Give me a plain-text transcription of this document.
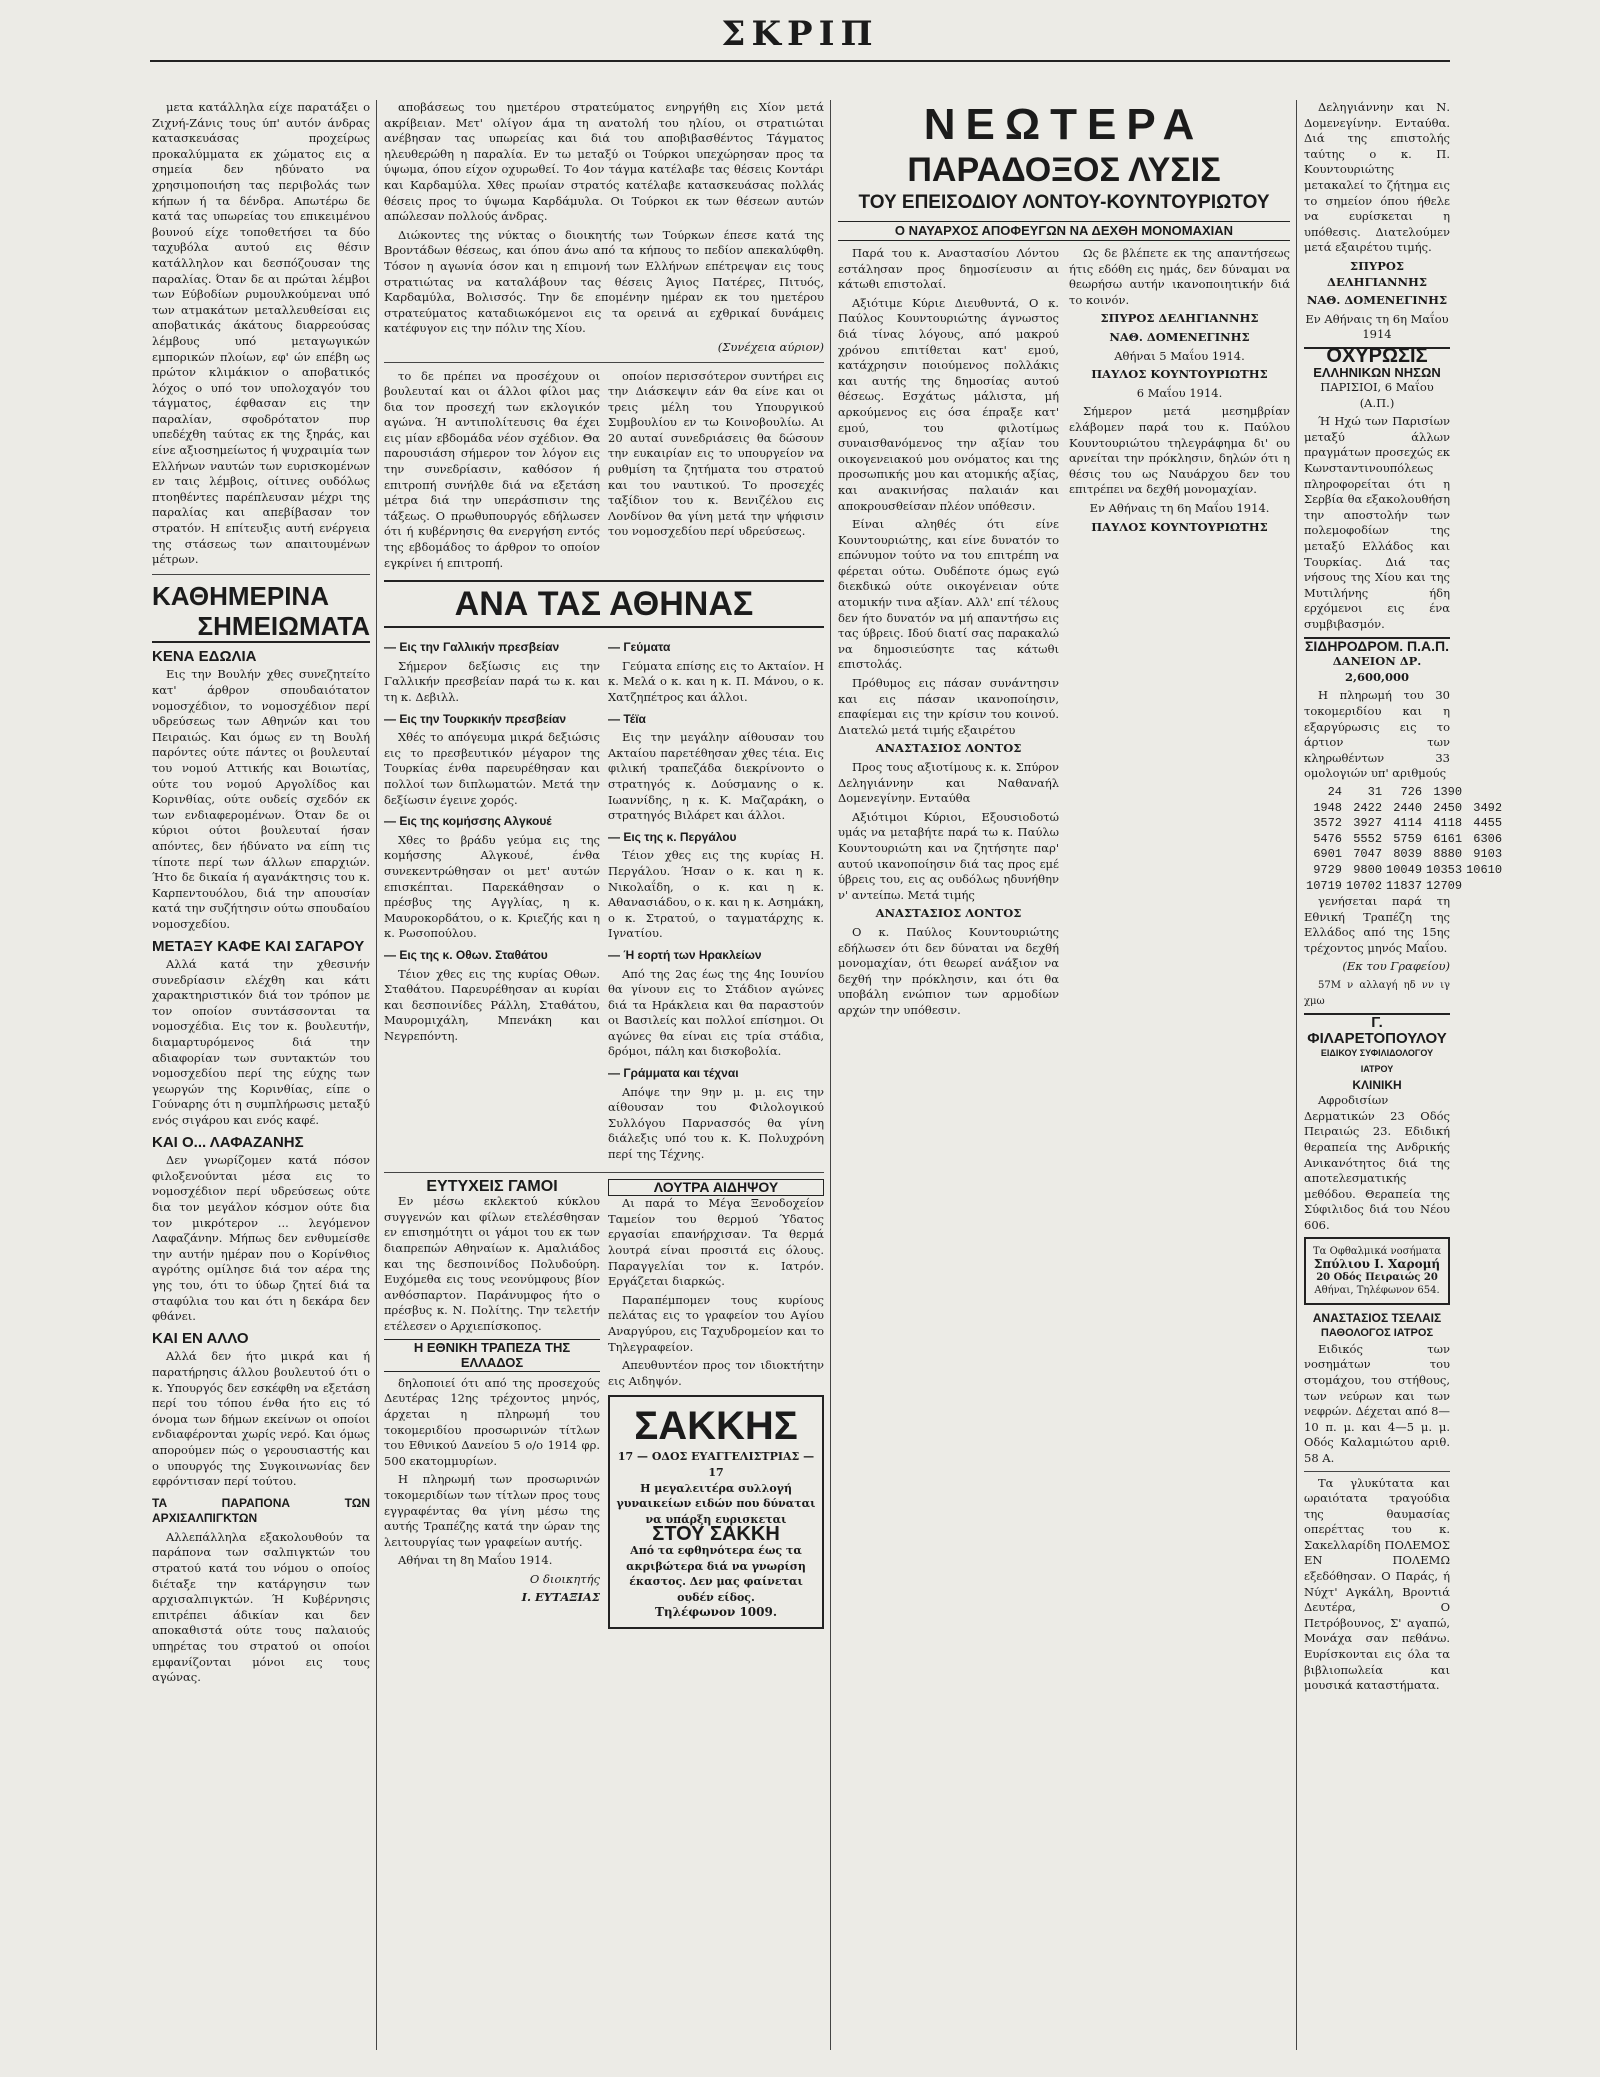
ΣΚΡΙΠ

μετα κατάλληλα είχε παρατάξει ο Ζιχνή-Ζάνις τους ύπ' αυτόν άνδρας κατασκευάσας προχείρως προκαλύμματα εκ χώματος εις α σημεία δεν ηδύνατο να χρησιμοποιήση τας περιβολάς των κήπων ή τα δένδρα. Απωτέρω δε κατά τας υπωρείας του επικειμένου βουνού είχε τοποθετήσει τα δύο ταχυβόλα αυτού εις θέσιν κατάλληλον και δεσπόζουσαν της παραλίας. Όταν δε αι πρώται λέμβοι των Εύβοδίων ρυμουλκούμεναι υπό των ατμακάτων μεταλλευθείσαι εις αποβατικάς άκάτους διαρρεούσας λέμβους υπό μεταγωγικών εμπορικών πλοίων, εφ' ών επέβη ως πρώτον κλιμάκιον ο αποβατικός λόχος ο υπό τον υπολοχαγόν του τάγματος, έφθασαν εις την παραλίαν, σφοδρότατον πυρ υπεδέχθη ταύτας εκ της ξηράς, και είνε αξιοσημείωτος ή ψυχραιμία των Ελλήνων ναυτών των ευρισκομένων εν ταις λέμβοις, οίτινες ουδόλως πτοηθέντες παρέπλευσαν μέχρι της παραλίας και απεβίβασαν τον στρατόν. Η επίτευξις αυτή ενέργεια της στάσεως των απαιτουμένων μέτρων.

ΚΑΘΗΜΕΡΙΝΑ
ΣΗΜΕΙΩΜΑΤΑ
ΚΕΝΑ ΕΔΩΛΙΑ

Εις την Βουλήν χθες συνεζητείτο κατ' άρθρον σπουδαιότατον νομοσχέδιον, το νομοσχέδιον περί υδρεύσεως των Αθηνών και του Πειραιώς. Και όμως εν τη Βουλή παρόντες ούτε πάντες οι βουλευταί του νομού Αττικής και Βοιωτίας, ούτε του νομού Αργολίδος και Κορινθίας, ούτε ουδείς σχεδόν εκ των ενδιαφερομένων. Όταν δε οι κύριοι ούτοι βουλευταί ήσαν απόντες, δεν ήδύνατο να είπη τις τίποτε περί των άλλων επαρχιών. Ήτο δε δικαία ή αγανάκτησις του κ. Καρπεντουόλου, διά την απουσίαν κατά την συζήτησιν ούτω σπουδαίου νομοσχεδίου.

ΜΕΤΑΞΥ ΚΑΦΕ ΚΑΙ ΣΑΓΑΡΟΥ

Αλλά κατά την χθεσινήν συνεδρίασιν ελέχθη και κάτι χαρακτηριστικόν διά τον τρόπον με τον οποίον συντάσσονται τα νομοσχέδια. Εις τον κ. βουλευτήν, διαμαρτυρόμενος διά την αδιαφορίαν των συντακτών του νομοσχεδίου περί της εύχης των γεωργών της Κορινθίας, είπε ο Γούναρης ότι η συμπλήρωσις μεταξύ ενός σιγάρου και ενός καφέ.

ΚΑΙ Ο... ΛΑΦΑΖΑΝΗΣ

Δεν γνωρίζομεν κατά πόσον φιλοξενούνται μέσα εις το νομοσχέδιον περί υδρεύσεως ούτε δια τον μεγάλον κόσμον ούτε δια τον μικρότερον ... λεγόμενον Λαφαζάνην. Μήπως δεν ενθυμείσθε την αυτήν ημέραν που ο Κορίνθιος αγρότης ομίλησε διά τον αέρα της γης του, ότι το ύδωρ ζητεί διά τα σταφύλια του και ότι η δεκάρα δεν φθάνει.

ΚΑΙ ΕΝ ΑΛΛΟ

Αλλά δεν ήτο μικρά και ή παρατήρησις άλλου βουλευτού ότι ο κ. Υπουργός δεν εσκέφθη να εξετάση περί του τόπου ένθα ήτο εις τό όνομα των δήμων εκείνων οι οποίοι ενδιαφέρονται χωρίς νερό. Και όμως απορούμεν πώς ο γερουσιαστής και ο υπουργός της Συγκοινωνίας δεν εφρόντισαν περί τούτου.

ΤΑ ΠΑΡΑΠΟΝΑ ΤΩΝ ΑΡΧΙΣΑΛΠΙΓΚΤΩΝ

Αλλεπάλληλα εξακολουθούν τα παράπονα των σαλπιγκτών του στρατού κατά του νόμου ο οποίος διέταξε την κατάργησιν των αρχισαλπιγκτών. Ή Κυβέρνησις επιτρέπει άδικίαν και δεν αποκαθιστά ούτε τους παλαιούς υπηρέτας του στρατού οι οποίοι εμφανίζονται μόνοι εις τους αγώνας.

αποβάσεως του ημετέρου στρατεύματος ενηργήθη εις Χίον μετά ακρίβειαν. Μετ' ολίγον άμα τη ανατολή του ηλίου, οι στρατιώται ανέβησαν τας υπωρείας και διά του αποβιβασθέντος Τάγματος ηλευθερώθη η παραλία. Εν τω μεταξύ οι Τούρκοι υπεχώρησαν προς τα ύψωμα, όπου είχον οχυρωθεί. Το 4ον τάγμα κατέλαβε τας θέσεις Κοντάρι και Καρδαμύλα. Χθες πρωίαν στρατός κατέλαβε κατασκευάσας πολλάς θέσεις προς το ύψωμα Καρδάμυλα. Οι Τούρκοι εκ των θέσεων αυτών απώλεσαν πολλούς άνδρας.

Διώκοντες της νύκτας ο διοικητής των Τούρκων έπεσε κατά της Βροντάδων θέσεως, και όπου άνω από τα κήπους το πεδίον απεκαλύφθη. Τόσον η αγωνία όσον και η επιμονή των Ελλήνων επέτρεψαν εις τους στρατιώτας να καταλάβουν τας θέσεις Άγιος Πατέρες, Πιτυός, Καρδαμύλα, Βολισσός. Την δε επομένην ημέραν εκ του ημετέρου στρατεύματος καταδιωκόμενοι εις τα ορεινά αι εχθρικαί δυνάμεις κατέφυγον εις την πόλιν της Χίου.

(Συνέχεια αύριον)

το δε πρέπει να προσέχουν οι βουλευταί και οι άλλοι φίλοι μας δια τον προσεχή των εκλογικόν αγώνα. Ή αντιπολίτευσις θα έχει εις μίαν εβδομάδα νέον σχέδιον. Θα παρουσιάση σήμερον τον λόγον εις την συνεδρίασιν, καθόσον ή επιτροπή συνήλθε διά να εξετάση μέτρα διά την υπεράσπισιν της τάξεως. Ο πρωθυπουργός εδήλωσεν ότι ή κυβέρνησις θα ενεργήση εντός της εβδομάδος το άρθρον το οποίον εγκρίνει ή επιτροπή.

οποίον περισσότερον συντήρει εις την Διάσκεψιν εάν θα είνε και οι τρεις μέλη του Υπουργικού Συμβουλίου εν τω Κοινοβουλίω. Αι 20 αυταί συνεδριάσεις θα δώσουν την ευκαιρίαν εις το υπουργείον να ρυθμίση τα ζητήματα του στρατού και του ναυτικού. Το προσεχές ταξίδιον του κ. Βενιζέλου εις Λονδίνον θα γίνη μετά την ψήφισιν του νομοσχεδίου περί υδρεύσεως.

ΑΝΑ ΤΑΣ ΑΘΗΝΑΣ
— Εις την Γαλλικήν πρεσβείαν

Σήμερον δεξίωσις εις την Γαλλικήν πρεσβείαν παρά τω κ. και τη κ. Δεβιλλ.

— Εις την Τουρκικήν πρεσβείαν

Χθές το απόγευμα μικρά δεξιώσις εις το πρεσβευτικόν μέγαρον της Τουρκίας ένθα παρευρέθησαν και πολλοί των διπλωματών. Μετά την δεξίωσιν έγεινε χορός.

— Εις της κομήσσης Αλγκουέ

Χθες το βράδυ γεύμα εις της κομήσσης Αλγκουέ, ένθα συνεκεντρώθησαν οι μετ' αυτών επισκέπται. Παρεκάθησαν ο πρέσβυς της Αγγλίας, η κ. Μαυροκορδάτου, ο κ. Κριεζής και η κ. Ρωσοπούλου.

— Εις της κ. Οθων. Σταθάτου

Τέιον χθες εις της κυρίας Οθων. Σταθάτου. Παρευρέθησαν αι κυρίαι και δεσποινίδες Ράλλη, Σταθάτου, Μαυρομιχάλη, Μπενάκη και Νεγρεπόντη.

— Γεύματα

Γεύματα επίσης εις το Ακταίον. Η κ. Μελά ο κ. και η κ. Π. Μάνου, ο κ. Χατζηπέτρος και άλλοι.

— Τέϊα

Εις την μεγάλην αίθουσαν του Ακταίου παρετέθησαν χθες τέια. Εις φιλική τραπεζάδα διεκρίνοντο ο στρατηγός κ. Δούσμανης ο κ. Ιωαννίδης, η κ. Κ. Μαζαράκη, ο στρατηγός Βιλάρετ και άλλοι.

— Εις της κ. Περγάλου

Τέιον χθες εις της κυρίας Η. Περγάλου. Ήσαν ο κ. και η κ. Νικολαΐδη, ο κ. και η κ. Αθανασιάδου, ο κ. και η κ. Ασημάκη, ο κ. Στρατού, ο ταγματάρχης κ. Ιγνατίου.

— Ή εορτή των Ηρακλείων

Από της 2ας έως της 4ης Ιουνίου θα γίνουν εις το Στάδιον αγώνες διά τα Ηράκλεια και θα παραστούν οι Βασιλείς και πολλοί επίσημοι. Οι αγώνες θα είναι εις τρία στάδια, δρόμοι, πάλη και δισκοβολία.

— Γράμματα και τέχναι

Απόψε την 9ην μ. μ. εις την αίθουσαν του Φιλολογικού Συλλόγου Παρνασσός θα γίνη διάλεξις υπό του κ. Κ. Πολυχρόνη περί της Τέχνης.

ΕΥΤΥΧΕΙΣ ΓΑΜΟΙ

Εν μέσω εκλεκτού κύκλου συγγενών και φίλων ετελέσθησαν εν επισημότητι οι γάμοι του εκ των διαπρεπών Αθηναίων κ. Αμαλιάδος και της δεσποινίδος Πολυδούρη. Ευχόμεθα εις τους νεονύμφους βίον ανθόσπαρτον. Παράνυμφος ήτο ο πρέσβυς κ. Ν. Πολίτης. Την τελετήν ετέλεσεν ο Αρχιεπίσκοπος.

Η ΕΘΝΙΚΗ ΤΡΑΠΕΖΑ ΤΗΣ ΕΛΛΑΔΟΣ

δηλοποιεί ότι από της προσεχούς Δευτέρας 12ης τρέχοντος μηνός, άρχεται η πληρωμή του τοκομεριδίου προσωρινών τίτλων του Εθνικού Δανείου 5 ο/ο 1914 φρ. 500 εκατομμυρίων.

Η πληρωμή των προσωρινών τοκομεριδίων των τίτλων προς τους εγγραφέντας θα γίνη μέσω της αυτής Τραπέζης κατά την ώραν της λειτουργίας των γραφείων αυτής.

Αθήναι τη 8η Μαΐου 1914.

Ο διοικητής

Ι. ΕΥΤΑΞΙΑΣ

ΛΟΥΤΡΑ ΑΙΔΗΨΟΥ

Αι παρά το Μέγα Ξενοδοχείον Ταμείον του θερμού Ύδατος εργασίαι επανήρχισαν. Τα θερμά λουτρά είναι προσιτά εις όλους. Παραγγελίαι τον κ. Ιατρόν. Εργάζεται διαρκώς.

Παραπέμπομεν τους κυρίους πελάτας εις το γραφείον του Αγίου Αναργύρου, εις Ταχυδρομείον και το Τηλεγραφείον.

Απευθυντέον προς τον ιδιοκτήτην εις Αιδηψόν.

ΣΑΚΚΗΣ
17 — ΟΔΟΣ ΕΥΑΓΓΕΛΙΣΤΡΙΑΣ — 17
Η μεγαλειτέρα συλλογή γυναικείων ειδών που δύναται να υπάρξη ευρισκεται
ΣΤΟΥ ΣΑΚΚΗ
Από τα εφθηνότερα έως τα ακριβώτερα διά να γνωρίση έκαστος. Δεν μας φαίνεται ουδέν είδος.
Τηλέφωνον 1009.
ΝΕΩΤΕΡΑ
ΠΑΡΑΔΟΞΟΣ ΛΥΣΙΣ
ΤΟΥ ΕΠΕΙΣΟΔΙΟΥ ΛΟΝΤΟΥ-ΚΟΥΝΤΟΥΡΙΩΤΟΥ
Ο ΝΑΥΑΡΧΟΣ ΑΠΟΦΕΥΓΩΝ ΝΑ ΔΕΧΘΗ ΜΟΝΟΜΑΧΙΑΝ

Παρά του κ. Αναστασίου Λόντου εστάλησαν προς δημοσίευσιν αι κάτωθι επιστολαί.

Αξιότιμε Κύριε Διευθυντά, Ο κ. Παύλος Κουντουριώτης άγνωστος διά τίνας λόγους, από μακρού χρόνου επιτίθεται κατ' εμού, κατάχρησιν ποιούμενος πολλάκις και αυτής της δημοσίας αυτού θέσεως. Εσχάτως μάλιστα, μή αρκούμενος εις όσα έπραξε κατ' εμού, του φιλοτίμως συναισθανόμενος την αξίαν του οικογενειακού μου ονόματος και της προσωπικής μου και ατομικής αξίας, και ανακινήσας παλαιάν και αποκρουσθείσαν πλέον υπόθεσιν.

Είναι αληθές ότι είνε Κουντουριώτης, και είνε δυνατόν το επώνυμον τούτο να του επιτρέπη να φέρεται ούτω. Ουδέποτε όμως εγώ διεκδικώ ούτε οικογένειαν ούτε ατομικήν τινα αξίαν. Αλλ' επί τέλους δεν ήτο δυνατόν να μή απαντήσω εις τας ύβρεις. Ιδού διατί σας παρακαλώ να δημοσιεύσητε τας κάτωθι επιστολάς.

Πρόθυμος εις πάσαν συνάντησιν και εις πάσαν ικανοποίησιν, επαφίεμαι εις την κρίσιν του κοινού. Διατελώ μετά τιμής εξαιρέτου

ΑΝΑΣΤΑΣΙΟΣ ΛΟΝΤΟΣ

Προς τους αξιοτίμους κ. κ. Σπύρον Δεληγιάννην και Ναθαναήλ Δομενεγίνην. Ενταύθα

Αξιότιμοι Κύριοι, Εξουσιοδοτώ υμάς να μεταβήτε παρά τω κ. Παύλω Κουντουριώτη και να ζητήσητε παρ' αυτού ικανοποίησιν διά τας προς εμέ ύβρεις του, εις ας ουδόλως ηδυνήθην ν' αντείπω. Μετά τιμής

ΑΝΑΣΤΑΣΙΟΣ ΛΟΝΤΟΣ

Ο κ. Παύλος Κουντουριώτης εδήλωσεν ότι δεν δύναται να δεχθή μονομαχίαν, ότι θεωρεί ανάξιον να δεχθή την πρόκλησιν, και ότι θα υποβάλη ενώπιον των αρμοδίων αρχών την υπόθεσιν.

Ως δε βλέπετε εκ της απαντήσεως ήτις εδόθη εις ημάς, δεν δύναμαι να θεωρήσω αυτήν ικανοποιητικήν διά το κοινόν.

ΣΠΥΡΟΣ ΔΕΛΗΓΙΑΝΝΗΣ

ΝΑΘ. ΔΟΜΕΝΕΓΙΝΗΣ

Αθήναι 5 Μαΐου 1914.

ΠΑΥΛΟΣ ΚΟΥΝΤΟΥΡΙΩΤΗΣ

6 Μαΐου 1914.

Σήμερον μετά μεσημβρίαν ελάβομεν παρά του κ. Παύλου Κουντουριώτου τηλεγράφημα δι' ου αρνείται την πρόκλησιν, δηλών ότι η θέσις του ως Ναυάρχου δεν του επιτρέπει να δεχθή μονομαχίαν.

Εν Αθήναις τη 6η Μαΐου 1914.

ΠΑΥΛΟΣ ΚΟΥΝΤΟΥΡΙΩΤΗΣ

Δεληγιάννην και Ν. Δομενεγίνην. Ενταύθα. Διά της επιστολής ταύτης ο κ. Π. Κουντουριώτης μετακαλεί το ζήτημα εις το σημείον όπου ήθελε να ευρίσκεται η υπόθεσις. Διατελούμεν μετά εξαιρέτου τιμής.

ΣΠΥΡΟΣ ΔΕΛΗΓΙΑΝΝΗΣ

ΝΑΘ. ΔΟΜΕΝΕΓΙΝΗΣ

Εν Αθήναις τη 6η Μαΐου 1914

ΟΧΥΡΩΣΙΣ
ΕΛΛΗΝΙΚΩΝ ΝΗΣΩΝ

ΠΑΡΙΣΙΟΙ, 6 Μαΐου (Α.Π.)

Ή Ηχώ των Παρισίων μεταξύ άλλων πραγμάτων προσεχώς εκ Κωνσταντινουπόλεως πληροφορείται ότι η Σερβία θα εξακολουθήση την αποστολήν των πολεμοφοδίων της μεταξύ Ελλάδος και Τουρκίας. Διά τας νήσους της Χίου και της Μυτιλήνης ήδη ερχόμενοι εις ένα συμβιβασμόν.

ΣΙΔΗΡΟΔΡΟΜ. Π.Α.Π.

ΔΑΝΕΙΟΝ ΔΡ. 2,600,000

Η πληρωμή του 30 τοκομεριδίου και η εξαργύρωσις εις το άρτιον των κληρωθέντων 33 ομολογιών υπ' αριθμούς

24	31	726	1390	
1948	2422	2440	2450	3492
3572	3927	4114	4118	4455
5476	5552	5759	6161	6306
6901	7047	8039	8880	9103
9729	9800	10049	10353	10610
10719	10702	11837	12709	

γενήσεται παρά τη Εθνική Τραπέζη της Ελλάδος από της 15ης τρέχοντος μηνός Μαΐου.

(Εκ του Γραφείου)

57Μ ν αλλαγή ηδ νν ιγ χμω

Γ. ΦΙΛΑΡΕΤΟΠΟΥΛΟΥ
ΕΙΔΙΚΟΥ ΣΥΦΙΛΙΔΟΛΟΓΟΥ ΙΑΤΡΟΥ
ΚΛΙΝΙΚΗ

Αφροδισίων Δερματικών 23 Οδός Πειραιώς 23. Εδιδική θεραπεία της Ανδρικής Ανικανότητος διά της αποτελεσματικής μεθόδου. Θεραπεία της Σύφιλιδος διά του Νέου 606.

Τα Οφθαλμικά νοσήματα
Σπύλιου Ι. Χαρομή
20 Οδός Πειραιώς 20
Αθήναι, Τηλέφωνον 654.
ΑΝΑΣΤΑΣΙΟΣ ΤΣΕΛΑΙΣ
ΠΑΘΟΛΟΓΟΣ ΙΑΤΡΟΣ

Ειδικός των νοσημάτων του στομάχου, του στήθους, των νεύρων και των νεφρών. Δέχεται από 8—10 π. μ. και 4—5 μ. μ. Οδός Καλαμιώτου αριθ. 58 Α.

Τα γλυκύτατα και ωραιότατα τραγούδια της θαυμασίας οπερέττας του κ. Σακελλαρίδη ΠΟΛΕΜΟΣ ΕΝ ΠΟΛΕΜΩ εξεδόθησαν. Ο Παράς, ή Νύχτ' Αγκάλη, Βροντιά Δευτέρα, Ο Πετρόβουνος, Σ' αγαπώ, Μονάχα σαν πεθάνω. Ευρίσκονται εις όλα τα βιβλιοπωλεία και μουσικά καταστήματα.
